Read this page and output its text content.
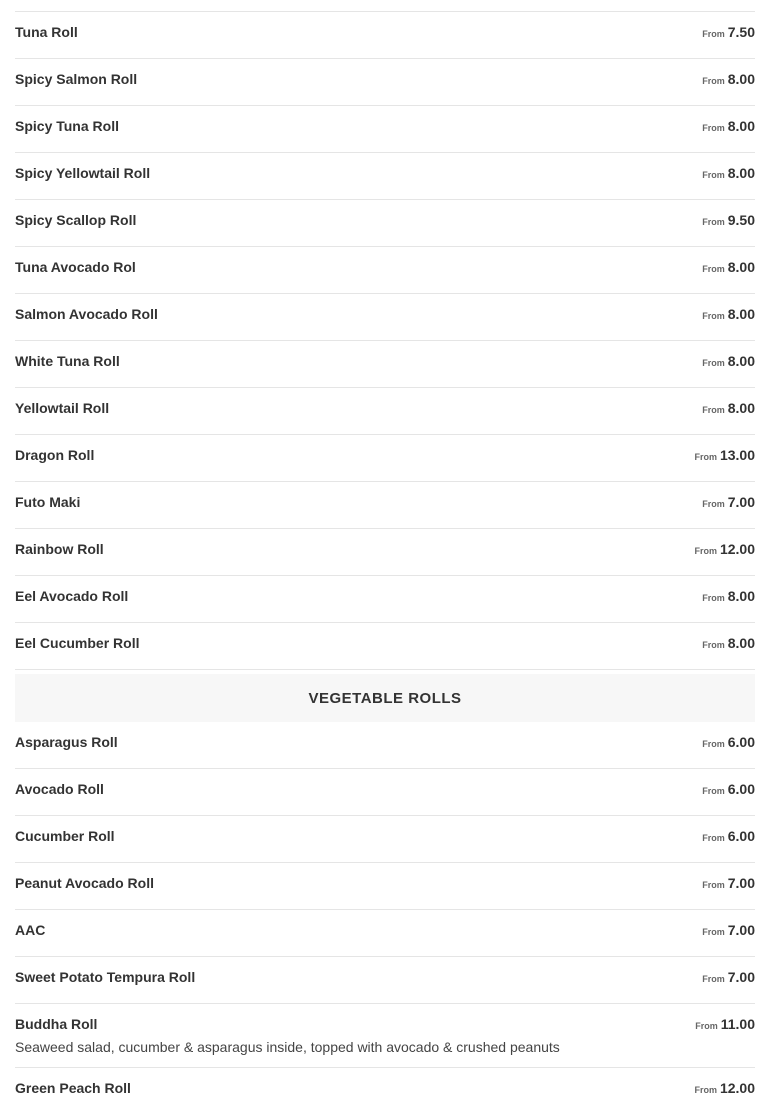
Tuna Roll	From 7.50
Spicy Salmon Roll	From 8.00
Spicy Tuna Roll	From 8.00
Spicy Yellowtail Roll	From 8.00
Spicy Scallop Roll	From 9.50
Tuna Avocado Rol	From 8.00
Salmon Avocado Roll	From 8.00
White Tuna Roll	From 8.00
Yellowtail Roll	From 8.00
Dragon Roll	From 13.00
Futo Maki	From 7.00
Rainbow Roll	From 12.00
Eel Avocado Roll	From 8.00
Eel Cucumber Roll	From 8.00
VEGETABLE ROLLS
Asparagus Roll	From 6.00
Avocado Roll	From 6.00
Cucumber Roll	From 6.00
Peanut Avocado Roll	From 7.00
AAC	From 7.00
Sweet Potato Tempura Roll	From 7.00
Buddha Roll	From 11.00
Seaweed salad, cucumber & asparagus inside, topped with avocado & crushed peanuts
Green Peach Roll	From 12.00
